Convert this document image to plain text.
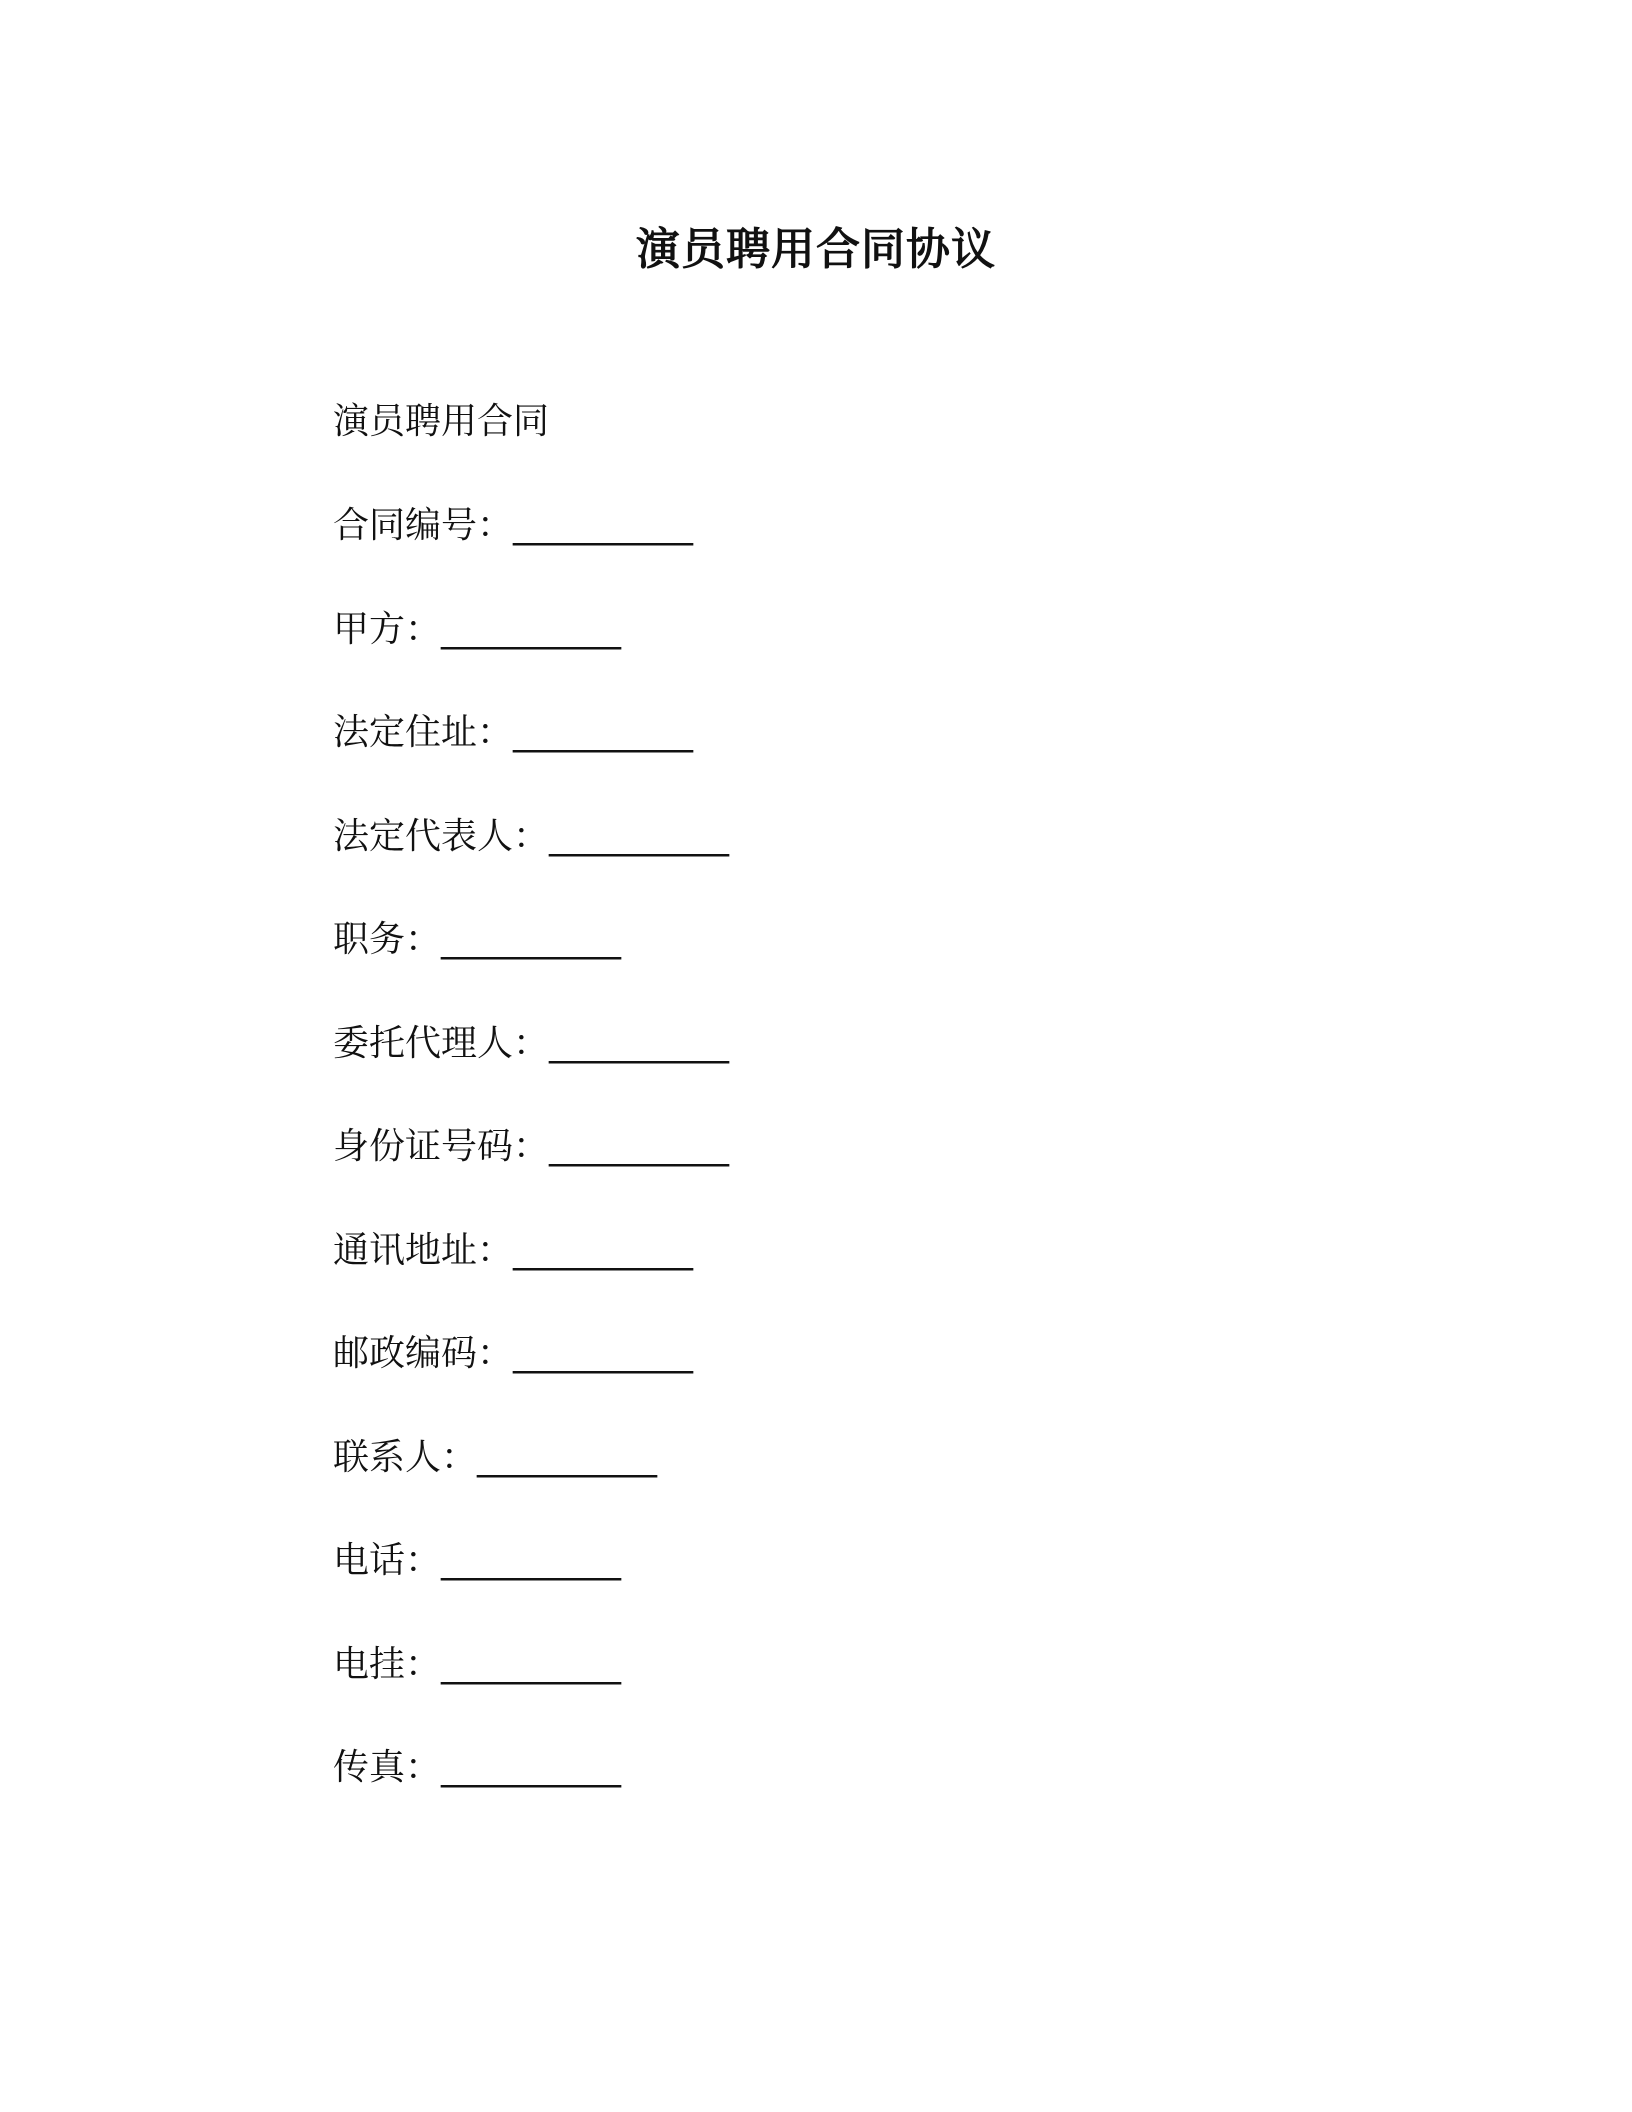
演员聘用合同协议
演员聘用合同
合同编号：__________
甲方：__________
法定住址：__________
法定代表人：__________
职务：__________
委托代理人：__________
身份证号码：__________
通讯地址：__________
邮政编码：__________
联系人：__________
电话：__________
电挂：__________
传真：__________
